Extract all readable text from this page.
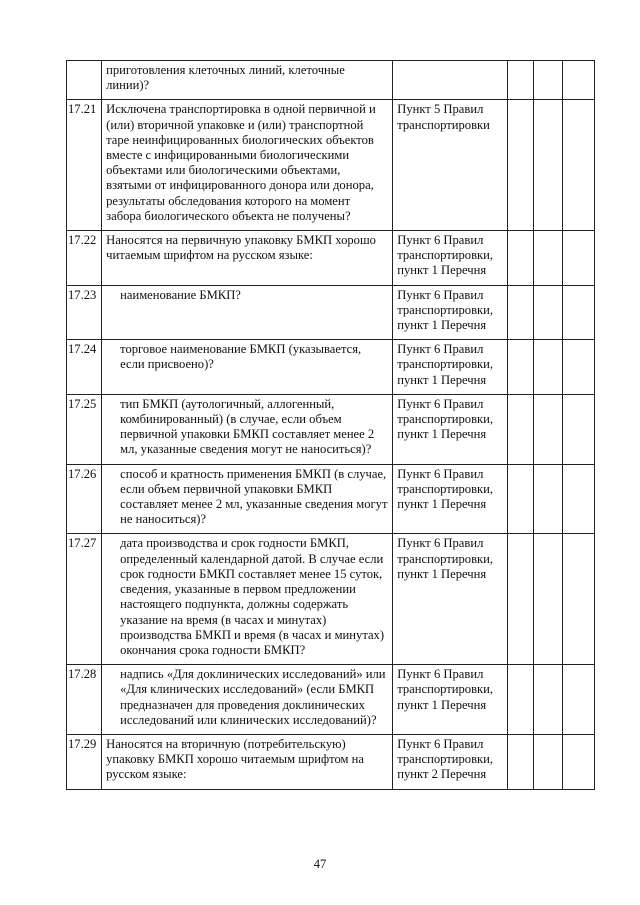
	приготовления клеточных линий, клеточные линии)?				

17.21	Исключена транспортировка в одной первичной и (или) вторичной упаковке и (или) транспортной таре неинфицированных биологических объектов вместе с инфицированными биологическими объектами или биологическими объектами, взятыми от инфицированного донора или донора, результаты обследования которого на момент забора биологического объекта не получены?	Пункт 5 Правил транспортировки			

17.22	Наносятся на первичную упаковку БМКП хорошо читаемым шрифтом на русском языке:	Пункт 6 Правил транспортировки, пункт 1 Перечня			

17.23	наименование БМКП?	Пункт 6 Правил транспортировки, пункт 1 Перечня			

17.24	торговое наименование БМКП (указывается, если присвоено)?	Пункт 6 Правил транспортировки, пункт 1 Перечня			

17.25	тип БМКП (аутологичный, аллогенный, комбинированный) (в случае, если объем первичной упаковки БМКП составляет менее 2 мл, указанные сведения могут не наноситься)?	Пункт 6 Правил транспортировки, пункт 1 Перечня			

17.26	способ и кратность применения БМКП (в случае, если объем первичной упаковки БМКП составляет менее 2 мл, указанные сведения могут не наноситься)?	Пункт 6 Правил транспортировки, пункт 1 Перечня			

17.27	дата производства и срок годности БМКП, определенный календарной датой. В случае если срок годности БМКП составляет менее 15 суток, сведения, указанные в первом предложении настоящего подпункта, должны содержать указание на время (в часах и минутах) производства БМКП и время (в часах и минутах) окончания срока годности БМКП?	Пункт 6 Правил транспортировки, пункт 1 Перечня			

17.28	надпись «Для доклинических исследований» или «Для клинических исследований» (если БМКП предназначен для проведения доклинических исследований или клинических исследований)?	Пункт 6 Правил транспортировки, пункт 1 Перечня			

17.29	Наносятся на вторичную (потребительскую) упаковку БМКП хорошо читаемым шрифтом на русском языке:	Пункт 6 Правил транспортировки, пункт 2 Перечня			

47
